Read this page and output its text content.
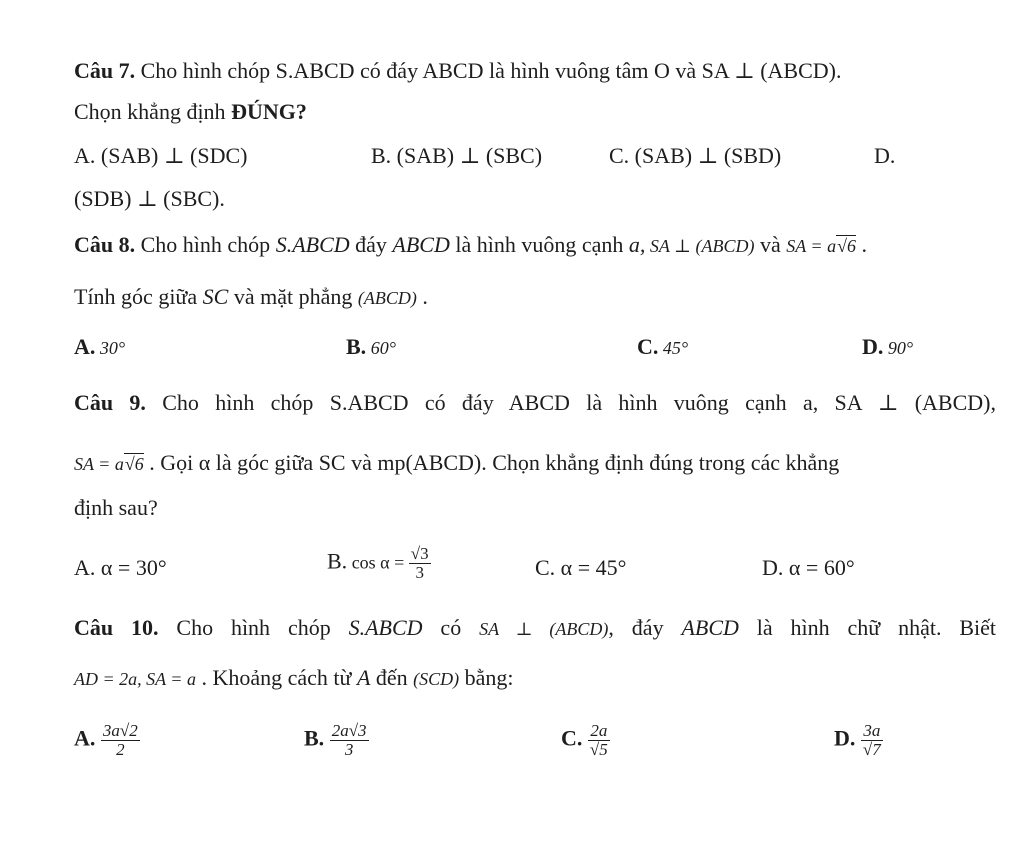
Câu 7. Cho hình chóp S.ABCD có đáy ABCD là hình vuông tâm O và SA ⊥ (ABCD).
Chọn khẳng định ĐÚNG?
A. (SAB) ⊥ (SDC)	B. (SAB) ⊥ (SBC)	C. (SAB) ⊥ (SBD)	D.
(SDB) ⊥ (SBC).
Câu 8. Cho hình chóp S.ABCD đáy ABCD là hình vuông cạnh a, SA ⊥ (ABCD) và SA = a√6 .
Tính góc giữa SC và mặt phẳng (ABCD) .
A. 30°	B. 60°	C. 45°	D. 90°
Câu 9. Cho hình chóp S.ABCD có đáy ABCD là hình vuông cạnh a, SA ⊥ (ABCD),
SA = a√6 . Gọi α là góc giữa SC và mp(ABCD). Chọn khẳng định đúng trong các khẳng
định sau?
A. α = 30°	B. $\cos \alpha = \frac{√3}{3}$	C. α = 45°	D. α = 60°
Câu 10. Cho hình chóp S.ABCD có SA ⊥ (ABCD), đáy ABCD là hình chữ nhật. Biết
AD = 2a, SA = a . Khoảng cách từ A đến (SCD) bằng:
A. $\frac{3a√2}{2}$	B. $\frac{2a√3}{3}$	C. $\frac{2a}{√5}$	D. $\frac{3a}{√7}$
